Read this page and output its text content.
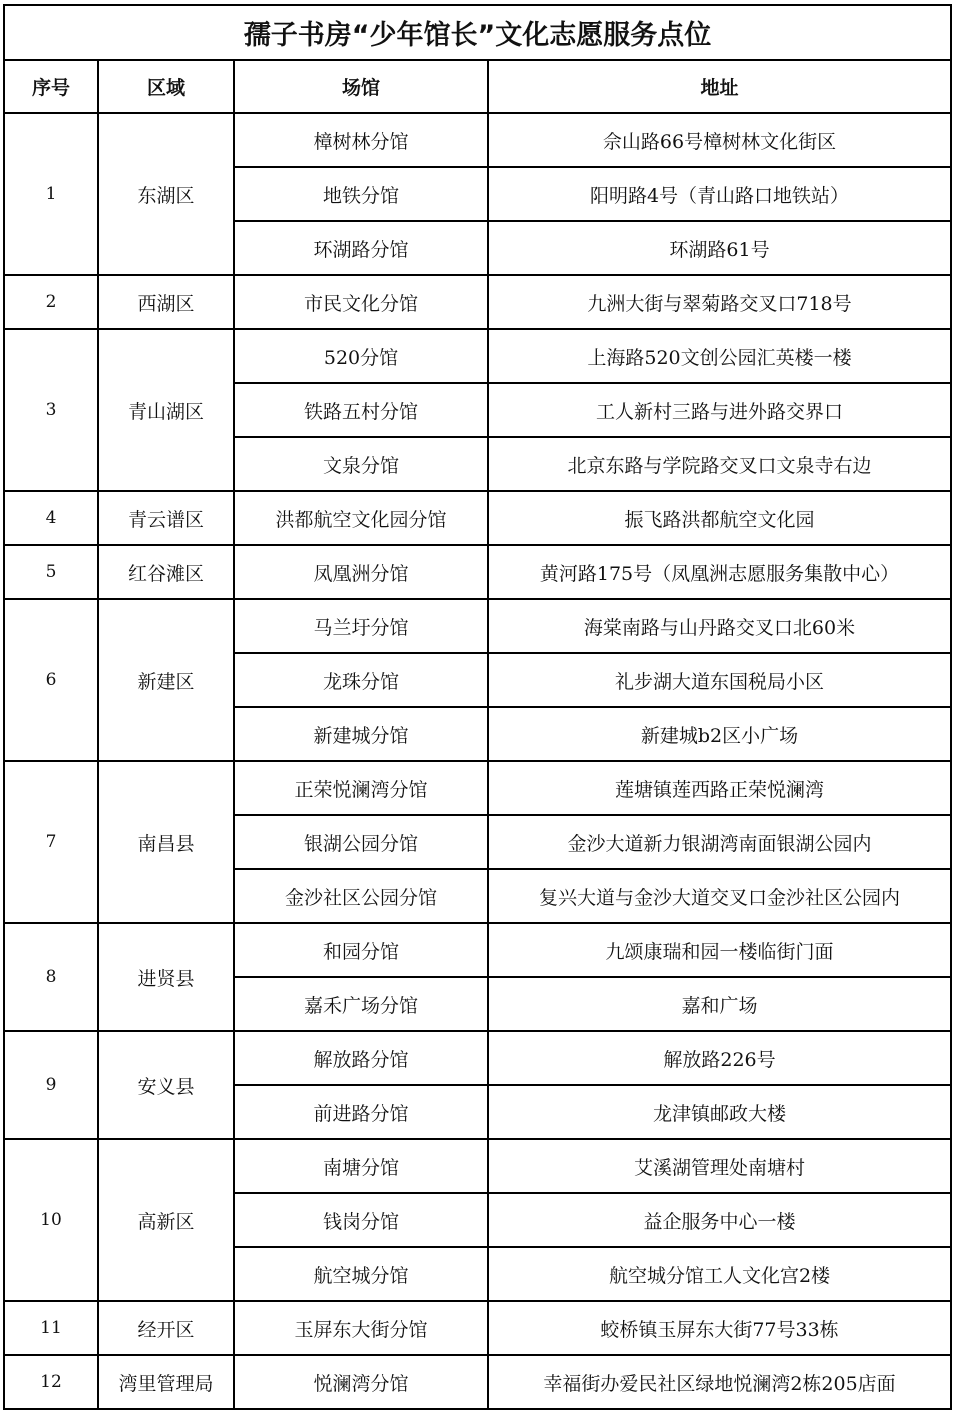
孺子书房“少年馆长”文化志愿服务点位			
序号	区域	场馆	地址
1	东湖区	樟树林分馆	佘山路66号樟树林文化街区
		地铁分馆	阳明路4号（青山路口地铁站）
		环湖路分馆	环湖路61号
2	西湖区	市民文化分馆	九洲大街与翠菊路交叉口718号
3	青山湖区	520分馆	上海路520文创公园汇英楼一楼
		铁路五村分馆	工人新村三路与进外路交界口
		文泉分馆	北京东路与学院路交叉口文泉寺右边
4	青云谱区	洪都航空文化园分馆	振飞路洪都航空文化园
5	红谷滩区	凤凰洲分馆	黄河路175号（凤凰洲志愿服务集散中心）
6	新建区	马兰圩分馆	海棠南路与山丹路交叉口北60米
		龙珠分馆	礼步湖大道东国税局小区
		新建城分馆	新建城b2区小广场
7	南昌县	正荣悦澜湾分馆	莲塘镇莲西路正荣悦澜湾
		银湖公园分馆	金沙大道新力银湖湾南面银湖公园内
		金沙社区公园分馆	复兴大道与金沙大道交叉口金沙社区公园内
8	进贤县	和园分馆	九颂康瑞和园一楼临街门面
		嘉禾广场分馆	嘉和广场
9	安义县	解放路分馆	解放路226号
		前进路分馆	龙津镇邮政大楼
10	高新区	南塘分馆	艾溪湖管理处南塘村
		钱岗分馆	益企服务中心一楼
		航空城分馆	航空城分馆工人文化宫2楼
11	经开区	玉屏东大街分馆	蛟桥镇玉屏东大街77号33栋
12	湾里管理局	悦澜湾分馆	幸福街办爱民社区绿地悦澜湾2栋205店面
